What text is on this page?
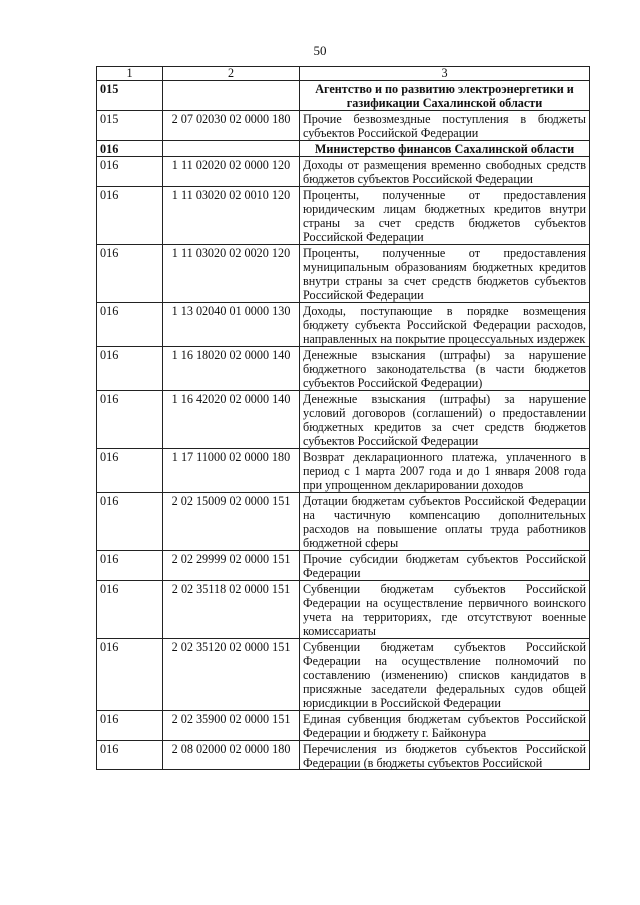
50
1	2	3
015		Агентство и по развитию электроэнергетики и газификации Сахалинской области
015	2 07 02030 02 0000 180	Прочие безвозмездные поступления в бюджеты субъектов Российской Федерации
016		Министерство финансов Сахалинской области
016	1 11 02020 02 0000 120	Доходы от размещения временно свободных средств бюджетов субъектов Российской Федерации
016	1 11 03020 02 0010 120	Проценты, полученные от предоставления юридическим лицам бюджетных кредитов внутри страны за счет средств бюджетов субъектов Российской Федерации
016	1 11 03020 02 0020 120	Проценты, полученные от предоставления муниципальным образованиям бюджетных кредитов внутри страны за счет средств бюджетов субъектов Российской Федерации
016	1 13 02040 01 0000 130	Доходы, поступающие в порядке возмещения бюджету субъекта Российской Федерации расходов, направленных на покрытие процессуальных издержек
016	1 16 18020 02 0000 140	Денежные взыскания (штрафы) за нарушение бюджетного законодательства (в части бюджетов субъектов Российской Федерации)
016	1 16 42020 02 0000 140	Денежные взыскания (штрафы) за нарушение условий договоров (соглашений) о предоставлении бюджетных кредитов за счет средств бюджетов субъектов Российской Федерации
016	1 17 11000 02 0000 180	Возврат декларационного платежа, уплаченного в период с 1 марта 2007 года и до 1 января 2008 года при упрощенном декларировании доходов
016	2 02 15009 02 0000 151	Дотации бюджетам субъектов Российской Федерации на частичную компенсацию дополнительных расходов на повышение оплаты труда работников бюджетной сферы
016	2 02 29999 02 0000 151	Прочие субсидии бюджетам субъектов Российской Федерации
016	2 02 35118 02 0000 151	Субвенции бюджетам субъектов Российской Федерации на осуществление первичного воинского учета на территориях, где отсутствуют военные комиссариаты
016	2 02 35120 02 0000 151	Субвенции бюджетам субъектов Российской Федерации на осуществление полномочий по составлению (изменению) списков кандидатов в присяжные заседатели федеральных судов общей юрисдикции в Российской Федерации
016	2 02 35900 02 0000 151	Единая субвенция бюджетам субъектов Российской Федерации и бюджету г. Байконура
016	2 08 02000 02 0000 180	Перечисления из бюджетов субъектов Российской Федерации (в бюджеты субъектов Российской
